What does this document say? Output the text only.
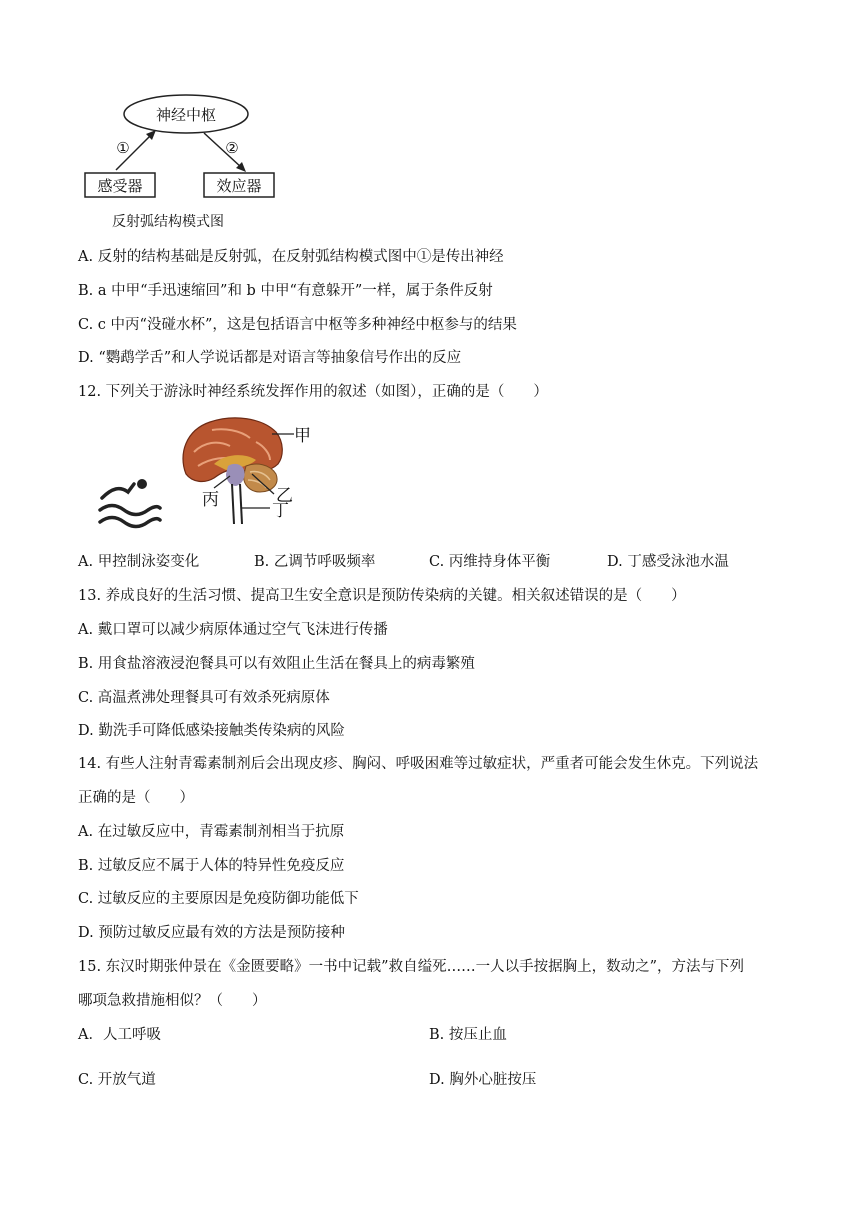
神经中枢
①	②
感受器	效应器
反射弧结构模式图
A. 反射的结构基础是反射弧，在反射弧结构模式图中①是传出神经
B. a 中甲“手迅速缩回”和 b 中甲“有意躲开”一样，属于条件反射
C. c 中丙“没碰水杯”，这是包括语言中枢等多种神经中枢参与的结果
D. “鹦鹉学舌”和人学说话都是对语言等抽象信号作出的反应
12. 下列关于游泳时神经系统发挥作用的叙述（如图），正确的是（　　）
甲
乙
丁
丙
A. 甲控制泳姿变化	B. 乙调节呼吸频率	C. 丙维持身体平衡	D. 丁感受泳池水温
13. 养成良好的生活习惯、提高卫生安全意识是预防传染病的关键。相关叙述错误的是（　　）
A. 戴口罩可以减少病原体通过空气飞沫进行传播
B. 用食盐溶液浸泡餐具可以有效阻止生活在餐具上的病毒繁殖
C. 高温煮沸处理餐具可有效杀死病原体
D. 勤洗手可降低感染接触类传染病的风险
14. 有些人注射青霉素制剂后会出现皮疹、胸闷、呼吸困难等过敏症状，严重者可能会发生休克。下列说法
正确的是（　　）
A. 在过敏反应中，青霉素制剂相当于抗原
B. 过敏反应不属于人体的特异性免疫反应
C. 过敏反应的主要原因是免疫防御功能低下
D. 预防过敏反应最有效的方法是预防接种
15. 东汉时期张仲景在《金匮要略》一书中记载”救自缢死……一人以手按据胸上，数动之”，方法与下列
哪项急救措施相似？（　　）
A．人工呼吸	B. 按压止血
C. 开放气道	D. 胸外心脏按压
